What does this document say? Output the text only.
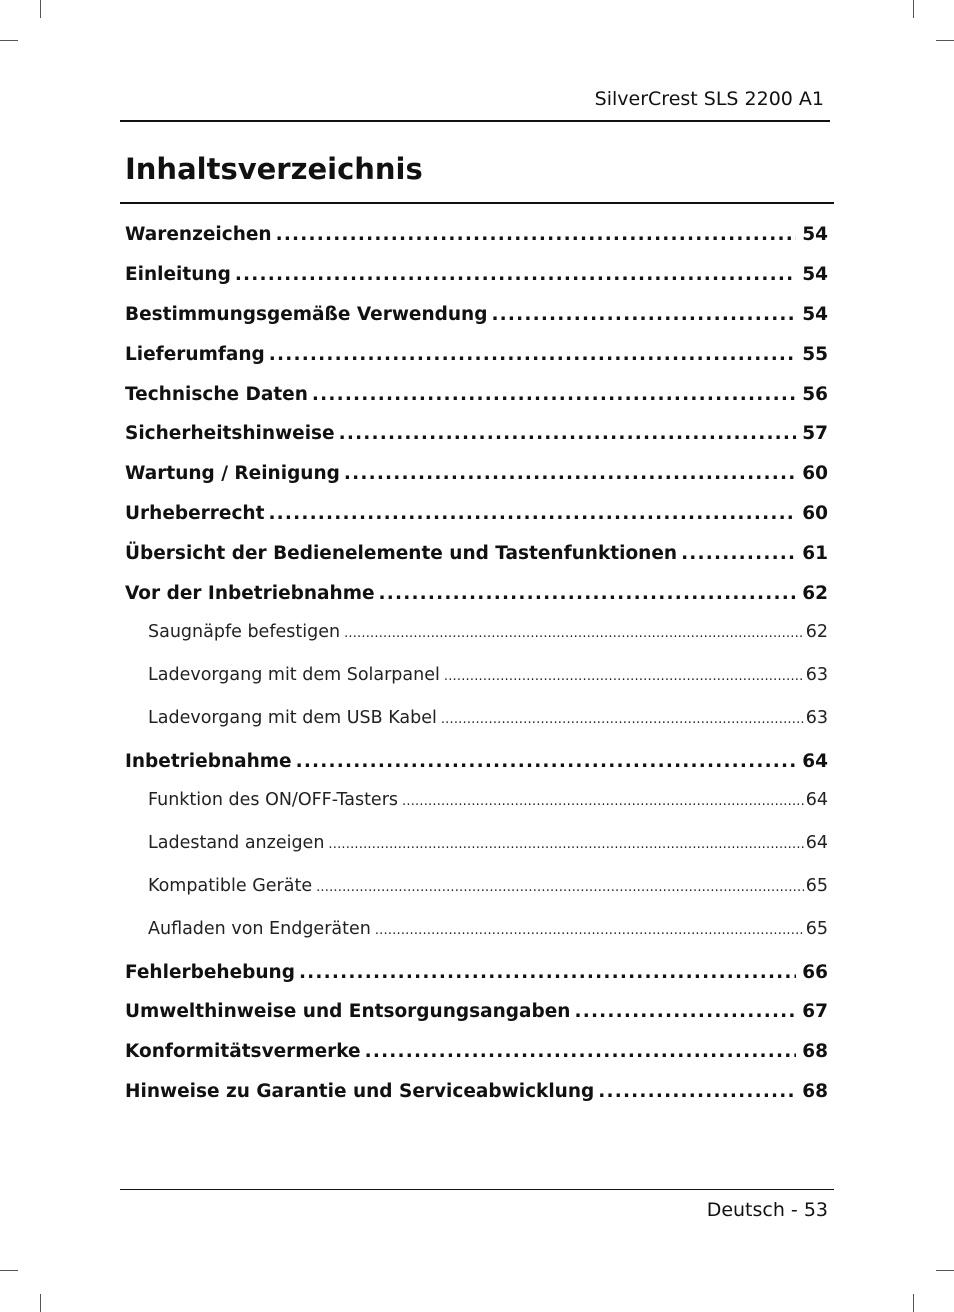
SilverCrest SLS 2200 A1
Inhaltsverzeichnis
Warenzeichen .....	54
Einleitung .....	54
Bestimmungsgemäße Verwendung .....	54
Lieferumfang .....	55
Technische Daten .....	56
Sicherheitshinweise .....	57
Wartung / Reinigung .....	60
Urheberrecht .....	60
Übersicht der Bedienelemente und Tastenfunktionen .....	61
Vor der Inbetriebnahme .....	62
Saugnäpfe befestigen .....	62
Ladevorgang mit dem Solarpanel .....	63
Ladevorgang mit dem USB Kabel .....	63
Inbetriebnahme .....	64
Funktion des ON/OFF-Tasters .....	64
Ladestand anzeigen .....	64
Kompatible Geräte .....	65
Aufladen von Endgeräten .....	65
Fehlerbehebung .....	66
Umwelthinweise und Entsorgungsangaben .....	67
Konformitätsvermerke .....	68
Hinweise zu Garantie und Serviceabwicklung .....	68
Deutsch - 53
